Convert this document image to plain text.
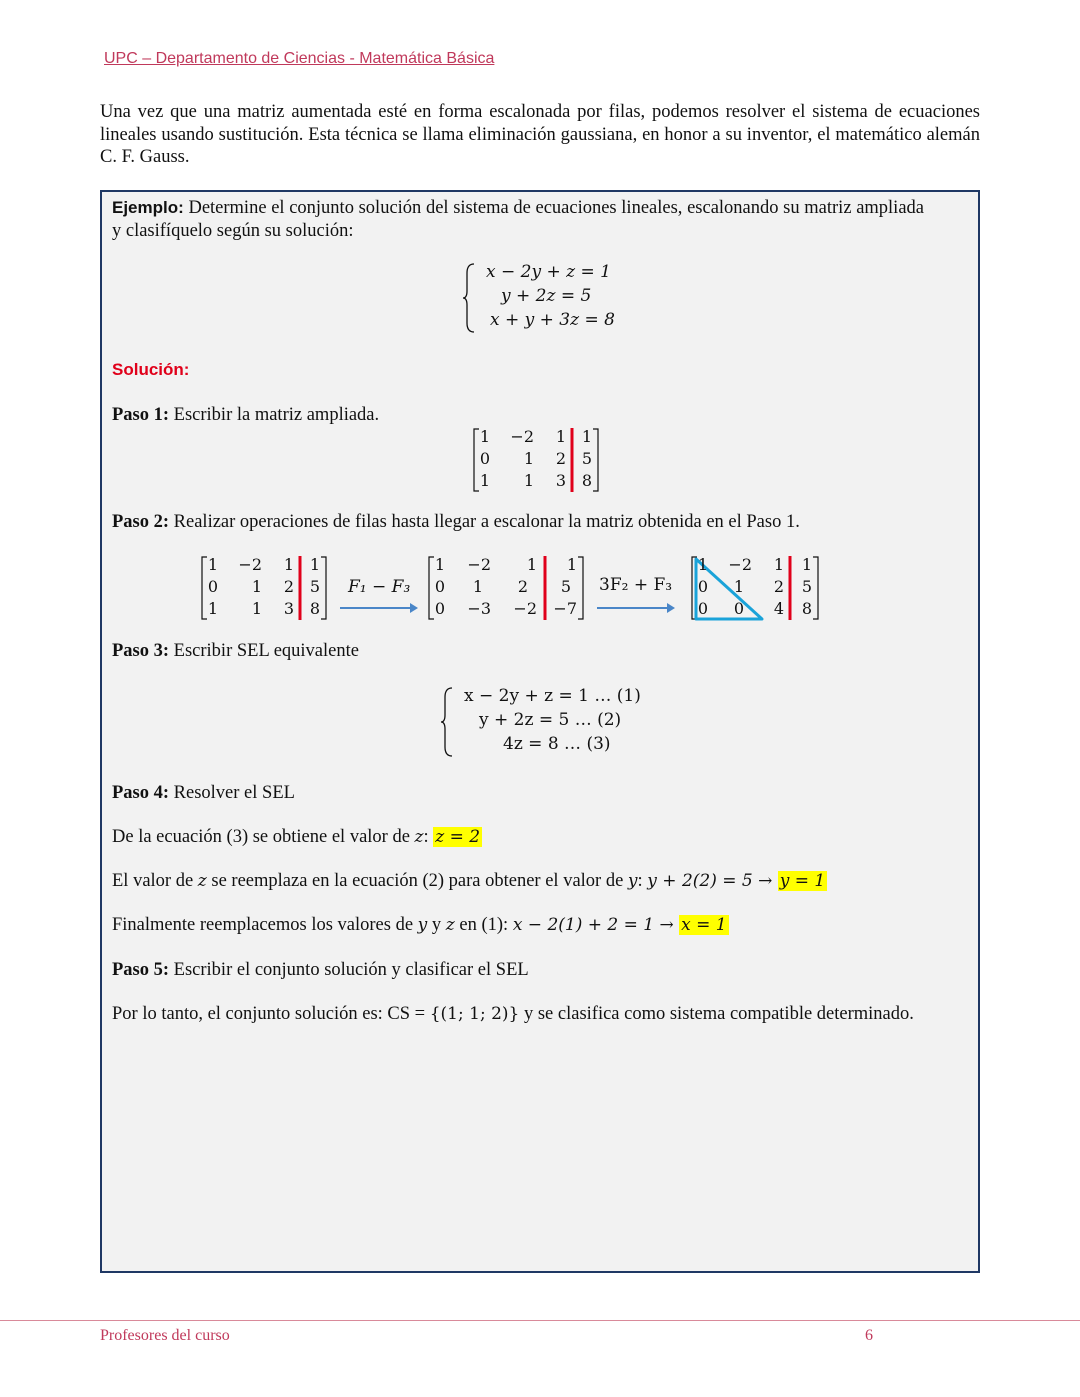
UPC – Departamento de Ciencias - Matemática Básica
Una vez que una matriz aumentada esté en forma escalonada por filas, podemos resolver el sistema de ecuaciones lineales usando sustitución. Esta técnica se llama eliminación gaussiana, en honor a su inventor, el matemático alemán C. F. Gauss.
Ejemplo: Determine el conjunto solución del sistema de ecuaciones lineales, escalonando su matriz ampliada y clasifíquelo según su solución:
x − 2y + z = 1
y + 2z = 5
x + y + 3z = 8
Solución:
Paso 1: Escribir la matriz ampliada.
1	−2	1 1
0	1	2 5
1	1	3 8
Paso 2: Realizar operaciones de filas hasta llegar a escalonar la matriz obtenida en el Paso 1.
1	−2	1 1
0	1	2 5
1	1	3 8
F₁ − F₃
1	−2	1	1
0	1	2	5
0	−3	−2 −7
3F₂ + F₃
1	−2	1	1
0	1	2	5
0	0	4	8
Paso 3: Escribir SEL equivalente
x − 2y + z = 1 … (1)
y + 2z = 5 … (2)
4z = 8 … (3)
Paso 4: Resolver el SEL
De la ecuación (3) se obtiene el valor de z: z = 2
El valor de z se reemplaza en la ecuación (2) para obtener el valor de y: y + 2(2) = 5 → y = 1
Finalmente reemplacemos los valores de y y z en (1): x − 2(1) + 2 = 1 → x = 1
Paso 5: Escribir el conjunto solución y clasificar el SEL
Por lo tanto, el conjunto solución es: CS = {(1; 1; 2)} y se clasifica como sistema compatible determinado.
Profesores del curso	6
